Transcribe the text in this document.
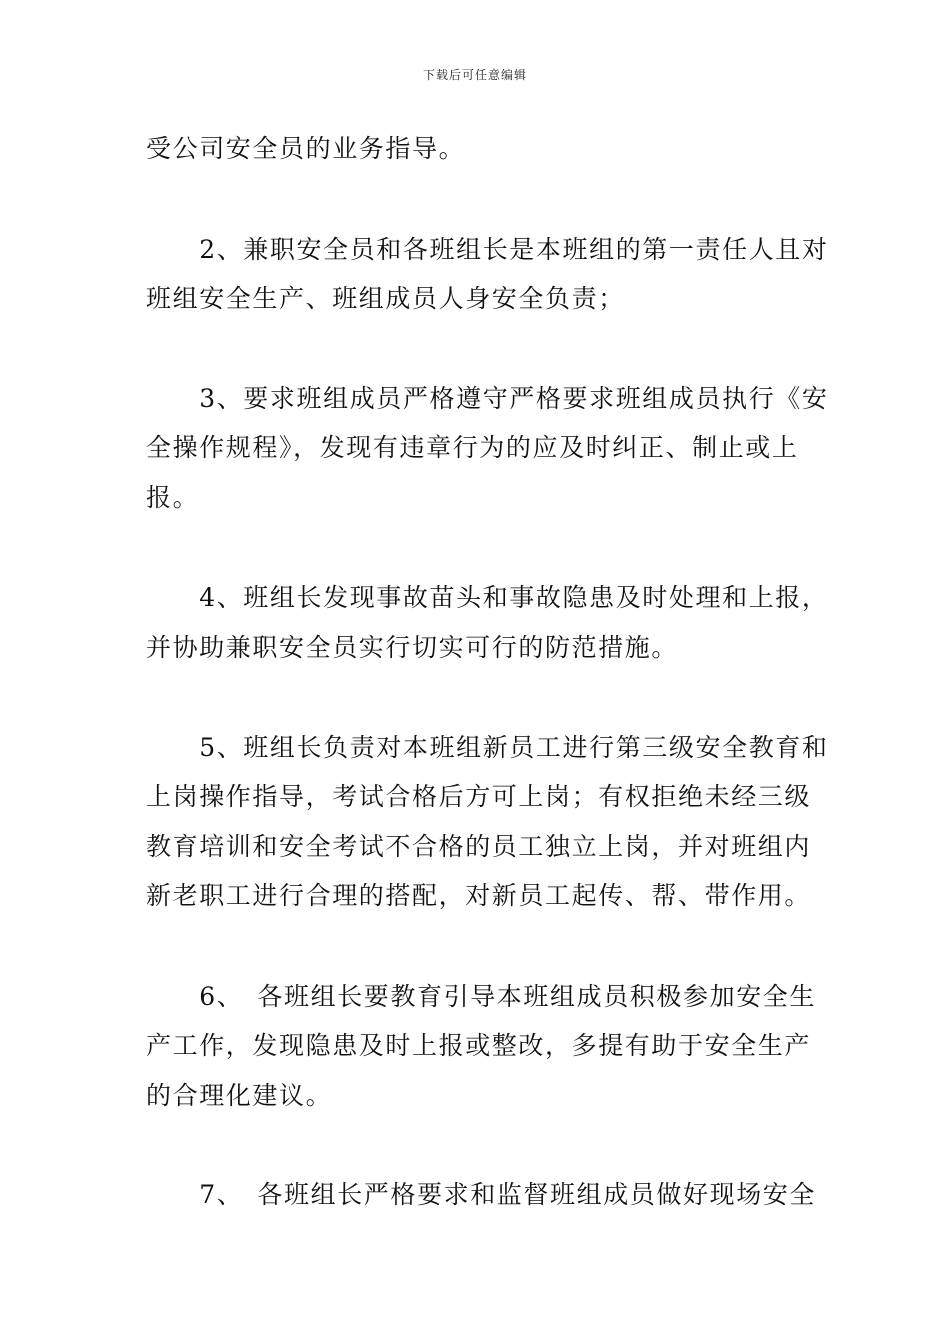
下载后可任意编辑
受公司安全员的业务指导。
　　2、兼职安全员和各班组长是本班组的第一责任人且对
班组安全生产、班组成员人身安全负责；
　　3、要求班组成员严格遵守严格要求班组成员执行《安
全操作规程》，发现有违章行为的应及时纠正、制止或上
报。
　　4、班组长发现事故苗头和事故隐患及时处理和上报，
并协助兼职安全员实行切实可行的防范措施。
　　5、班组长负责对本班组新员工进行第三级安全教育和
上岗操作指导，考试合格后方可上岗；有权拒绝未经三级
教育培训和安全考试不合格的员工独立上岗，并对班组内
新老职工进行合理的搭配，对新员工起传、帮、带作用。
　　6、　各班组长要教育引导本班组成员积极参加安全生
产工作，发现隐患及时上报或整改，多提有助于安全生产
的合理化建议。
　　7、　各班组长严格要求和监督班组成员做好现场安全
